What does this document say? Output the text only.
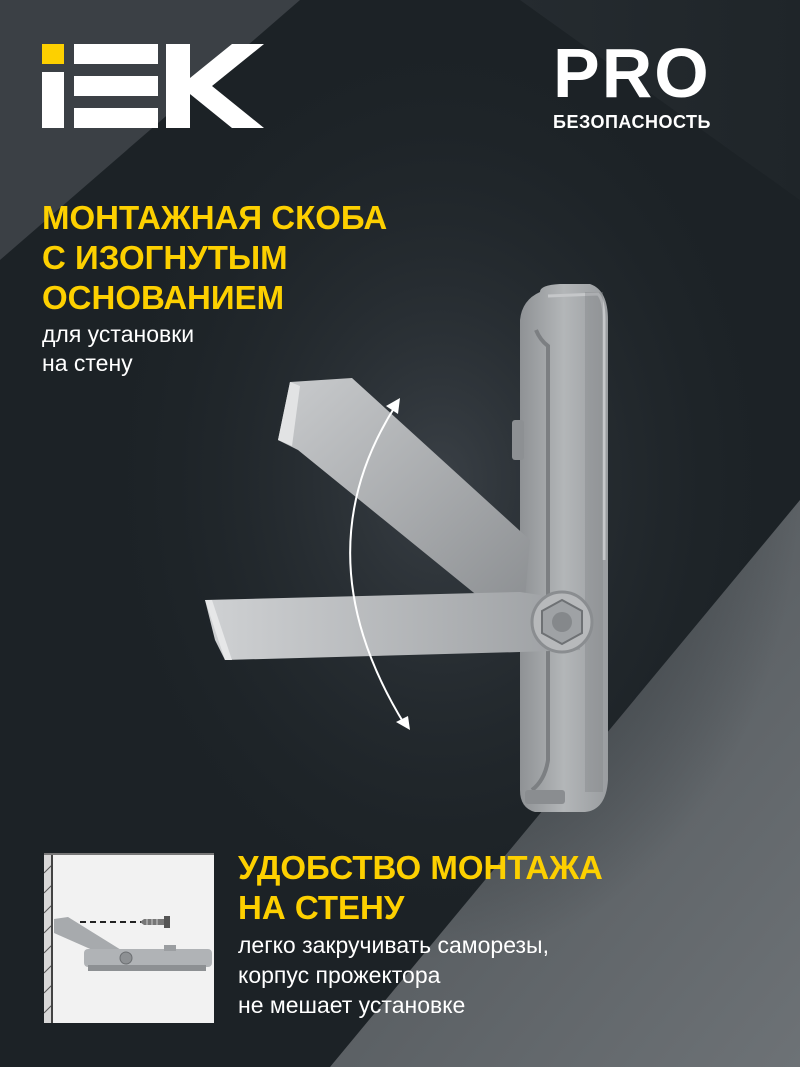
PRO
БЕЗОПАСНОСТЬ
МОНТАЖНАЯ СКОБА
С ИЗОГНУТЫМ
ОСНОВАНИЕМ
для установки
на стену
УДОБСТВО МОНТАЖА
НА СТЕНУ
легко закручивать саморезы,
корпус прожектора
не мешает установке
